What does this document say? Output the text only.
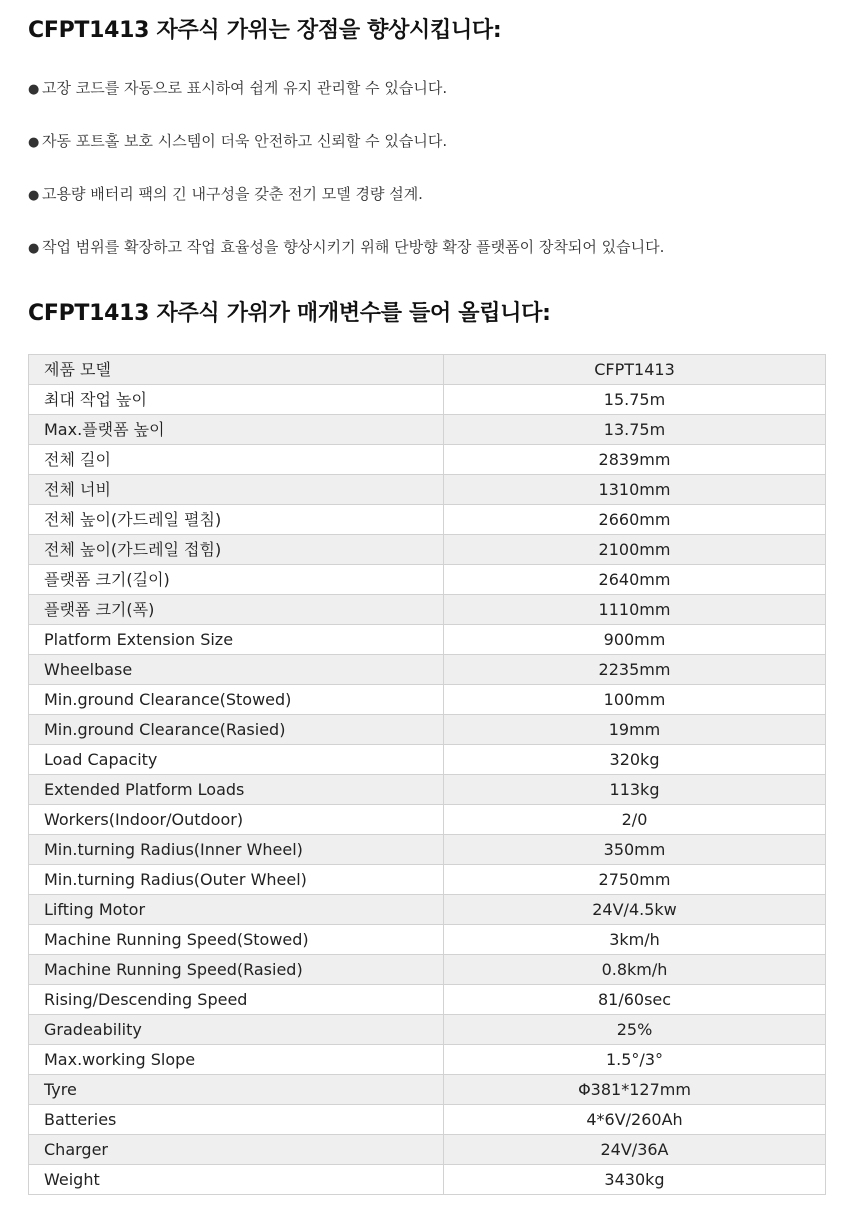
CFPT1413 자주식 가위는 장점을 향상시킵니다:
● 고장 코드를 자동으로 표시하여 쉽게 유지 관리할 수 있습니다.
● 자동 포트홀 보호 시스템이 더욱 안전하고 신뢰할 수 있습니다.
● 고용량 배터리 팩의 긴 내구성을 갖춘 전기 모델 경량 설계.
● 작업 범위를 확장하고 작업 효율성을 향상시키기 위해 단방향 확장 플랫폼이 장착되어 있습니다.
CFPT1413 자주식 가위가 매개변수를 들어 올립니다:
제품 모델	CFPT1413
최대 작업 높이	15.75m
Max.플랫폼 높이	13.75m
전체 길이	2839mm
전체 너비	1310mm
전체 높이(가드레일 펼침)	2660mm
전체 높이(가드레일 접힘)	2100mm
플랫폼 크기(길이)	2640mm
플랫폼 크기(폭)	1110mm
Platform Extension Size	900mm
Wheelbase	2235mm
Min.ground Clearance(Stowed)	100mm
Min.ground Clearance(Rasied)	19mm
Load Capacity	320kg
Extended Platform Loads	113kg
Workers(Indoor/Outdoor)	2/0
Min.turning Radius(Inner Wheel)	350mm
Min.turning Radius(Outer Wheel)	2750mm
Lifting Motor	24V/4.5kw
Machine Running Speed(Stowed)	3km/h
Machine Running Speed(Rasied)	0.8km/h
Rising/Descending Speed	81/60sec
Gradeability	25%
Max.working Slope	1.5°/3°
Tyre	Φ381*127mm
Batteries	4*6V/260Ah
Charger	24V/36A
Weight	3430kg
